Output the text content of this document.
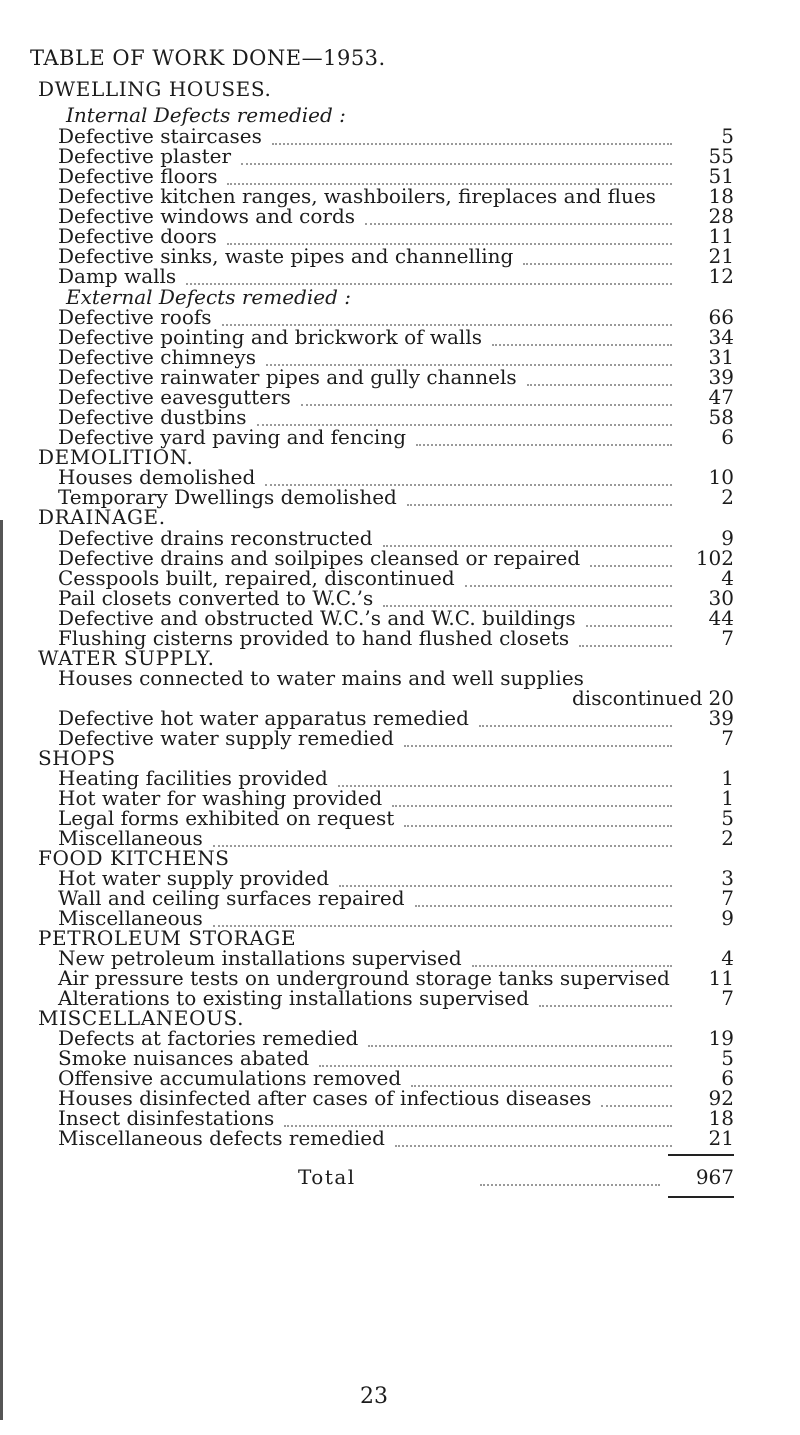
TABLE OF WORK DONE—1953.
DWELLING HOUSES.
Internal Defects remedied :
Defective staircases	5
Defective plaster	55
Defective floors	51
Defective kitchen ranges, washboilers, fireplaces and flues	18
Defective windows and cords	28
Defective doors	11
Defective sinks, waste pipes and channelling	21
Damp walls	12
External Defects remedied :
Defective roofs	66
Defective pointing and brickwork of walls	34
Defective chimneys	31
Defective rainwater pipes and gully channels	39
Defective eavesgutters	47
Defective dustbins	58
Defective yard paving and fencing	6
DEMOLITION.
Houses demolished	10
Temporary Dwellings demolished	2
DRAINAGE.
Defective drains reconstructed	9
Defective drains and soilpipes cleansed or repaired	102
Cesspools built, repaired, discontinued	4
Pail closets converted to W.C.’s	30
Defective and obstructed W.C.’s and W.C. buildings	44
Flushing cisterns provided to hand flushed closets	7
WATER SUPPLY.
Houses connected to water mains and well supplies
discontinued 20
Defective hot water apparatus remedied	39
Defective water supply remedied	7
SHOPS
Heating facilities provided	1
Hot water for washing provided	1
Legal forms exhibited on request	5
Miscellaneous	2
FOOD KITCHENS
Hot water supply provided	3
Wall and ceiling surfaces repaired	7
Miscellaneous	9
PETROLEUM STORAGE
New petroleum installations supervised	4
Air pressure tests on underground storage tanks supervised 11
Alterations to existing installations supervised	7
MISCELLANEOUS.
Defects at factories remedied	19
Smoke nuisances abated	5
Offensive accumulations removed	6
Houses disinfected after cases of infectious diseases	92
Insect disinfestations	18
Miscellaneous defects remedied	21
Total	967
23
